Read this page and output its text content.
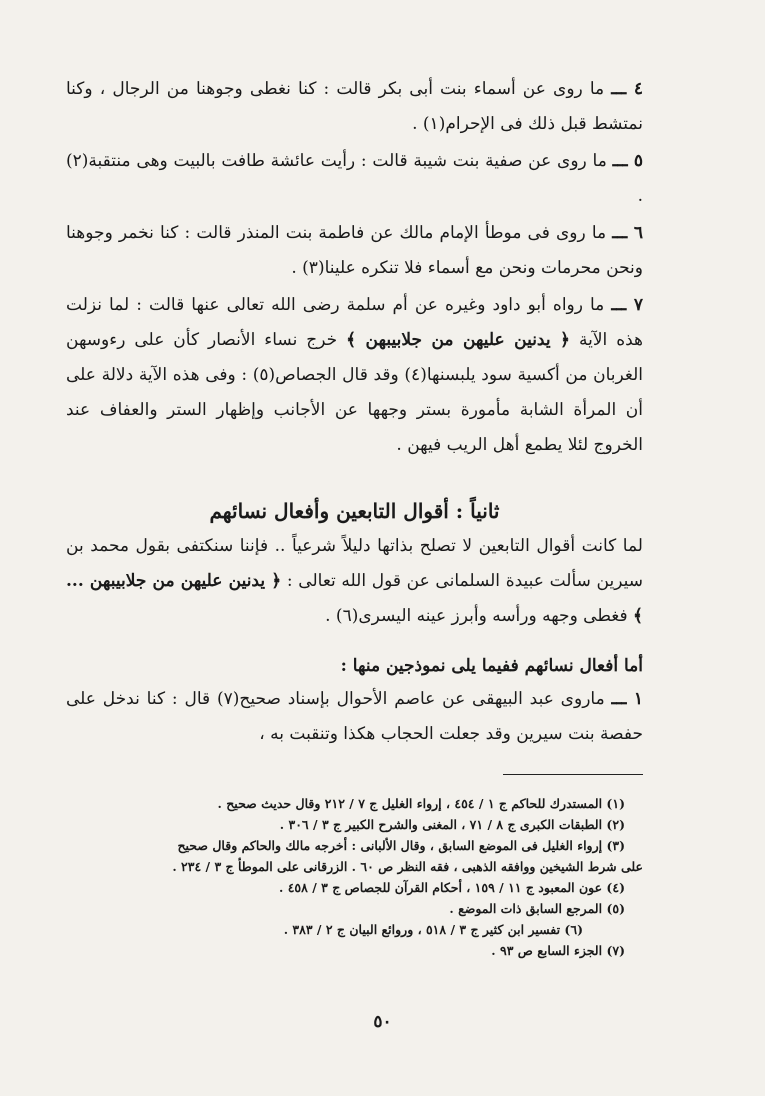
٤ ـــ ما روى عن أسماء بنت أبى بكر قالت : كنا نغطى وجوهنا من الرجال ، وكنا نمتشط قبل ذلك فى الإحرام(١) .

٥ ـــ ما روى عن صفية بنت شيبة قالت : رأيت عائشة طافت بالبيت وهى منتقبة(٢) .

٦ ـــ ما روى فى موطأ الإمام مالك عن فاطمة بنت المنذر قالت : كنا نخمر وجوهنا ونحن محرمات ونحن مع أسماء فلا تنكره علينا(٣) .

٧ ـــ ما رواه أبو داود وغيره عن أم سلمة رضى الله تعالى عنها قالت : لما نزلت هذه الآية ﴿ يدنين عليهن من جلابيبهن ﴾ خرج نساء الأنصار كأن على رءوسهن الغربان من أكسية سود يلبسنها(٤) وقد قال الجصاص(٥) : وفى هذه الآية دلالة على أن المرأة الشابة مأمورة بستر وجهها عن الأجانب وإظهار الستر والعفاف عند الخروج لئلا يطمع أهل الريب فيهن .

ثانياً : أقوال التابعين وأفعال نسائهم

لما كانت أقوال التابعين لا تصلح بذاتها دليلاً شرعياً .. فإننا سنكتفى بقول محمد بن سيرين سألت عبيدة السلمانى عن قول الله تعالى : ﴿ يدنين عليهن من جلابيبهن ... ﴾ فغطى وجهه ورأسه وأبرز عينه اليسرى(٦) .

أما أفعال نسائهم ففيما يلى نموذجين منها :

١ ـــ ماروى عبد البيهقى عن عاصم الأحوال بإسناد صحيح(٧) قال : كنا ندخل على حفصة بنت سيرين وقد جعلت الحجاب هكذا وتنقبت به ،

(١) المستدرك للحاكم ج ١ / ٤٥٤ ، إرواء الغليل ج ٧ / ٢١٢ وقال حديث صحيح .
(٢) الطبقات الكبرى ج ٨ / ٧١ ، المغنى والشرح الكبير ج ٣ / ٣٠٦ .
(٣) إرواء الغليل فى الموضع السابق ، وقال الألبانى : أخرجه مالك والحاكم وقال صحيح
على شرط الشيخين ووافقه الذهبى ، فقه النظر ص ٦٠ . الزرقانى على الموطأ ج ٣ / ٢٣٤ .
(٤) عون المعبود ج ١١ / ١٥٩ ، أحكام القرآن للجصاص ج ٣ / ٤٥٨ .
(٥) المرجع السابق ذات الموضع .
(٦) تفسير ابن كثير ج ٣ / ٥١٨ ، وروائع البيان ج ٢ / ٣٨٣ .
(٧) الجزء السابع ص ٩٣ .
٥٠
